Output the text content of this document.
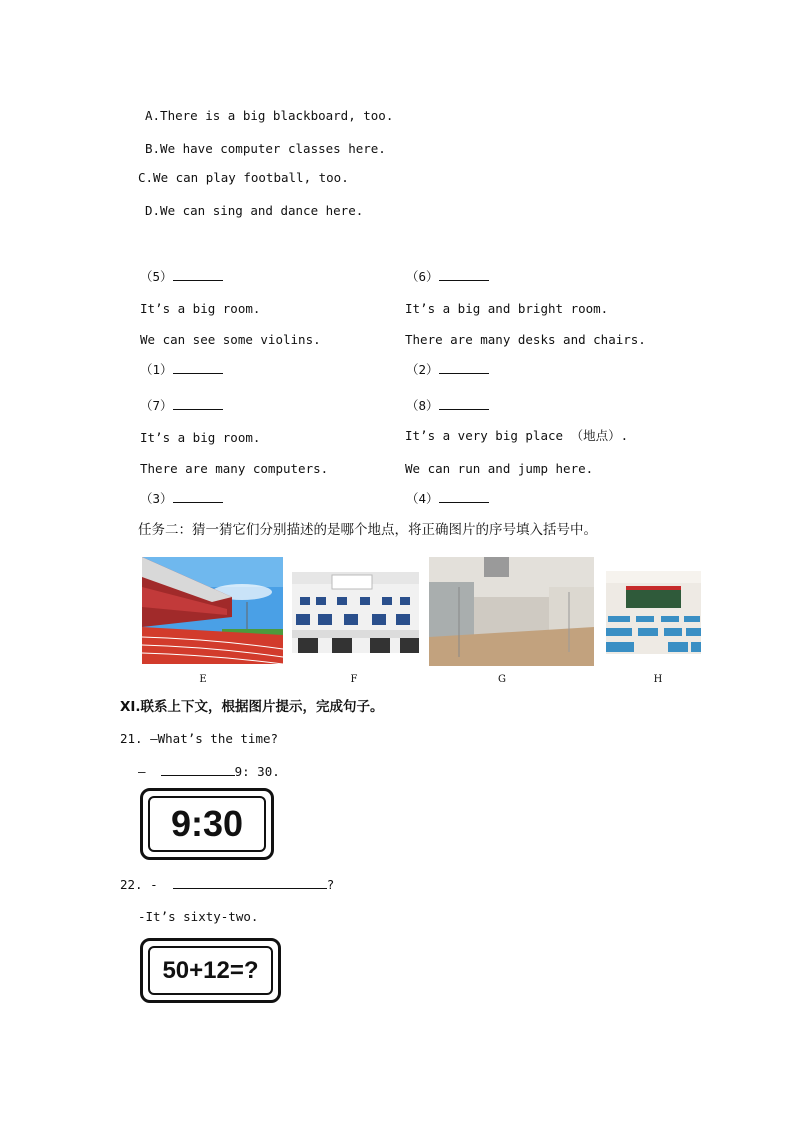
A.There is a big blackboard, too.
B.We have computer classes here.
C.We can play football, too.
D.We can sing and dance here.
（5）
It’s a big room.
We can see some violins.
（1）
（7）
It’s a big room.
There are many computers.
（3）
（6）
It’s a big and bright room.
There are many desks and chairs.
（2）
（8）
It’s a very big place （地点）.
We can run and jump here.
（4）
任务二：猜一猜它们分别描述的是哪个地点，将正确图片的序号填入括号中。
E	F	G	H
XI.联系上下文，根据图片提示，完成句子。
21. —What’s the time?
—	9: 30.
9:30
22. -	?
-It’s sixty-two.
50+12=?
